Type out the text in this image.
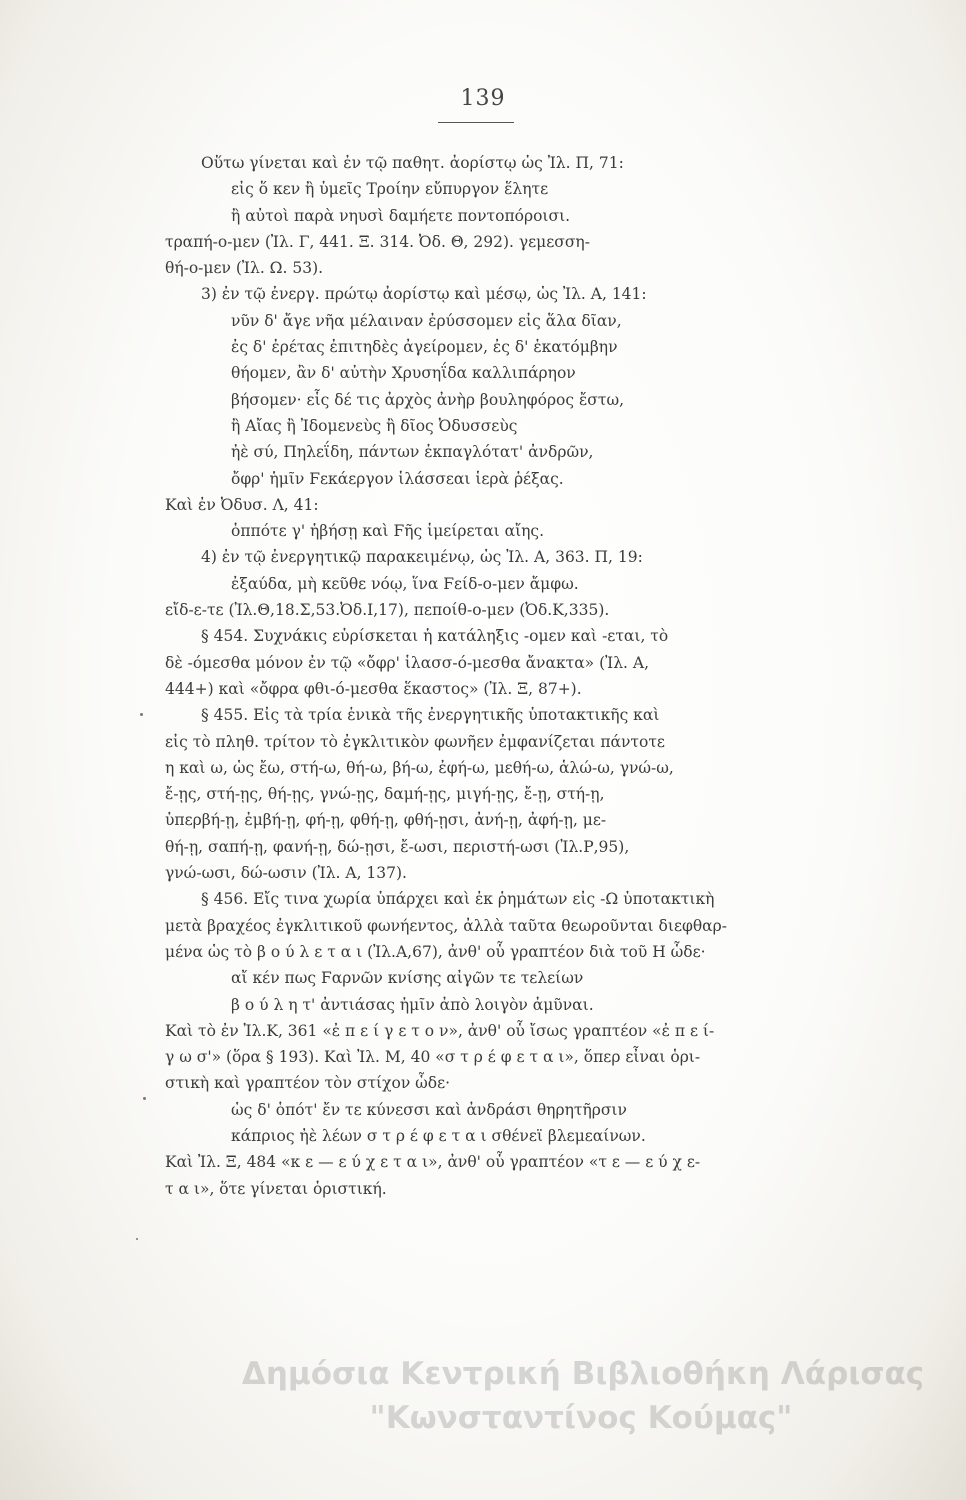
139
Οὕτω γίνεται καὶ ἐν τῷ παθητ. ἀορίστῳ ὡς Ἰλ. Π, 71:
εἰς ὅ κεν ἢ ὑμεῖς Τροίην εὔπυργον ἕλητε
ἢ αὐτοὶ παρὰ νηυσὶ δαμήετε ποντοπόροισι.
τραπή-ο-μεν (Ἰλ. Γ, 441. Ξ. 314. Ὀδ. Θ, 292). γεμεσση-
θή-ο-μεν (Ἰλ. Ω. 53).
3) ἐν τῷ ἐνεργ. πρώτῳ ἀορίστῳ καὶ μέσῳ, ὡς Ἰλ. Α, 141:
νῦν δ' ἄγε νῆα μέλαιναν ἐρύσσομεν εἰς ἅλα δῖαν,
ἐς δ' ἐρέτας ἐπιτηδὲς ἀγείρομεν, ἐς δ' ἑκατόμβην
θήομεν, ἂν δ' αὐτὴν Χρυσηΐδα καλλιπάρηον
βήσομεν· εἷς δέ τις ἀρχὸς ἀνὴρ βουληφόρος ἔστω,
ἢ Αἴας ἢ Ἰδομενεὺς ἢ δῖος Ὀδυσσεὺς
ἠὲ σύ, Πηλεΐδη, πάντων ἐκπαγλότατ' ἀνδρῶν,
ὄφρ' ἡμῖν Ϝεκάεργον ἱλάσσεαι ἱερὰ ῥέξας.
Καὶ ἐν Ὀδυσ. Λ, 41:
ὁππότε γ' ἡβήσῃ καὶ Ϝῆς ἱμείρεται αἴης.
4) ἐν τῷ ἐνεργητικῷ παρακειμένῳ, ὡς Ἰλ. Α, 363. Π, 19:
ἐξαύδα, μὴ κεῦθε νόῳ, ἵνα Ϝείδ-ο-μεν ἄμφω.
εἴδ-ε-τε (Ἰλ.Θ,18.Σ,53.Ὀδ.Ι,17), πεποίθ-ο-μεν (Ὀδ.Κ,335).
§ 454. Συχνάκις εὑρίσκεται ἡ κατάληξις -ομεν καὶ -εται, τὸ
δὲ -όμεσθα μόνον ἐν τῷ «ὄφρ' ἱλασσ-ό-μεσθα ἄνακτα» (Ἰλ. Α,
444+) καὶ «ὄφρα φθι-ό-μεσθα ἕκαστος» (Ἰλ. Ξ, 87+).
§ 455. Εἰς τὰ τρία ἑνικὰ τῆς ἐνεργητικῆς ὑποτακτικῆς καὶ
εἰς τὸ πληθ. τρίτον τὸ ἐγκλιτικὸν φωνῆεν ἐμφανίζεται πάντοτε
η καὶ ω, ὡς ἔω, στή-ω, θή-ω, βή-ω, ἐφή-ω, μεθή-ω, ἁλώ-ω, γνώ-ω,
ἔ-ῃς, στή-ῃς, θή-ῃς, γνώ-ῃς, δαμή-ῃς, μιγή-ῃς, ἔ-ῃ, στή-ῃ,
ὑπερβή-ῃ, ἐμβή-ῃ, φή-ῃ, φθή-ῃ, φθή-ῃσι, ἀνή-ῃ, ἀφή-ῃ, με-
θή-ῃ, σαπή-ῃ, φανή-ῃ, δώ-ῃσι, ἔ-ωσι, περιστή-ωσι (Ἰλ.Ρ,95),
γνώ-ωσι, δώ-ωσιν (Ἰλ. Α, 137).
§ 456. Εἴς τινα χωρία ὑπάρχει καὶ ἐκ ῥημάτων εἰς -Ω ὑποτακτικὴ
μετὰ βραχέος ἐγκλιτικοῦ φωνήεντος, ἀλλὰ ταῦτα θεωροῦνται διεφθαρ-
μένα ὡς τὸ β ο ύ λ ε τ α ι (Ἰλ.Α,67), ἀνθ' οὗ γραπτέον διὰ τοῦ Η ὧδε·
αἴ κέν πως Ϝαρνῶν κνίσης αἰγῶν τε τελείων
β ο ύ λ η τ' ἀντιάσας ἡμῖν ἀπὸ λοιγὸν ἀμῦναι.
Καὶ τὸ ἐν Ἰλ.Κ, 361 «ἐ π ε ί γ ε τ ο ν», ἀνθ' οὗ ἴσως γραπτέον «ἐ π ε ί-
γ ω σ'» (ὅρα § 193). Καὶ Ἰλ. Μ, 40 «σ τ ρ έ φ ε τ α ι», ὅπερ εἶναι ὁρι-
στικὴ καὶ γραπτέον τὸν στίχον ὧδε·
ὡς δ' ὁπότ' ἔν τε κύνεσσι καὶ ἀνδράσι θηρητῆρσιν
κάπριος ἠὲ λέων σ τ ρ έ φ ε τ α ι σθένεϊ βλεμεαίνων.
Καὶ Ἰλ. Ξ, 484 «κ ε — ε ύ χ ε τ α ι», ἀνθ' οὗ γραπτέον «τ ε — ε ύ χ ε-
τ α ι», ὅτε γίνεται ὁριστική.
Δημόσια Κεντρική Βιβλιοθήκη Λάρισας
"Κωνσταντίνος Κούμας"
